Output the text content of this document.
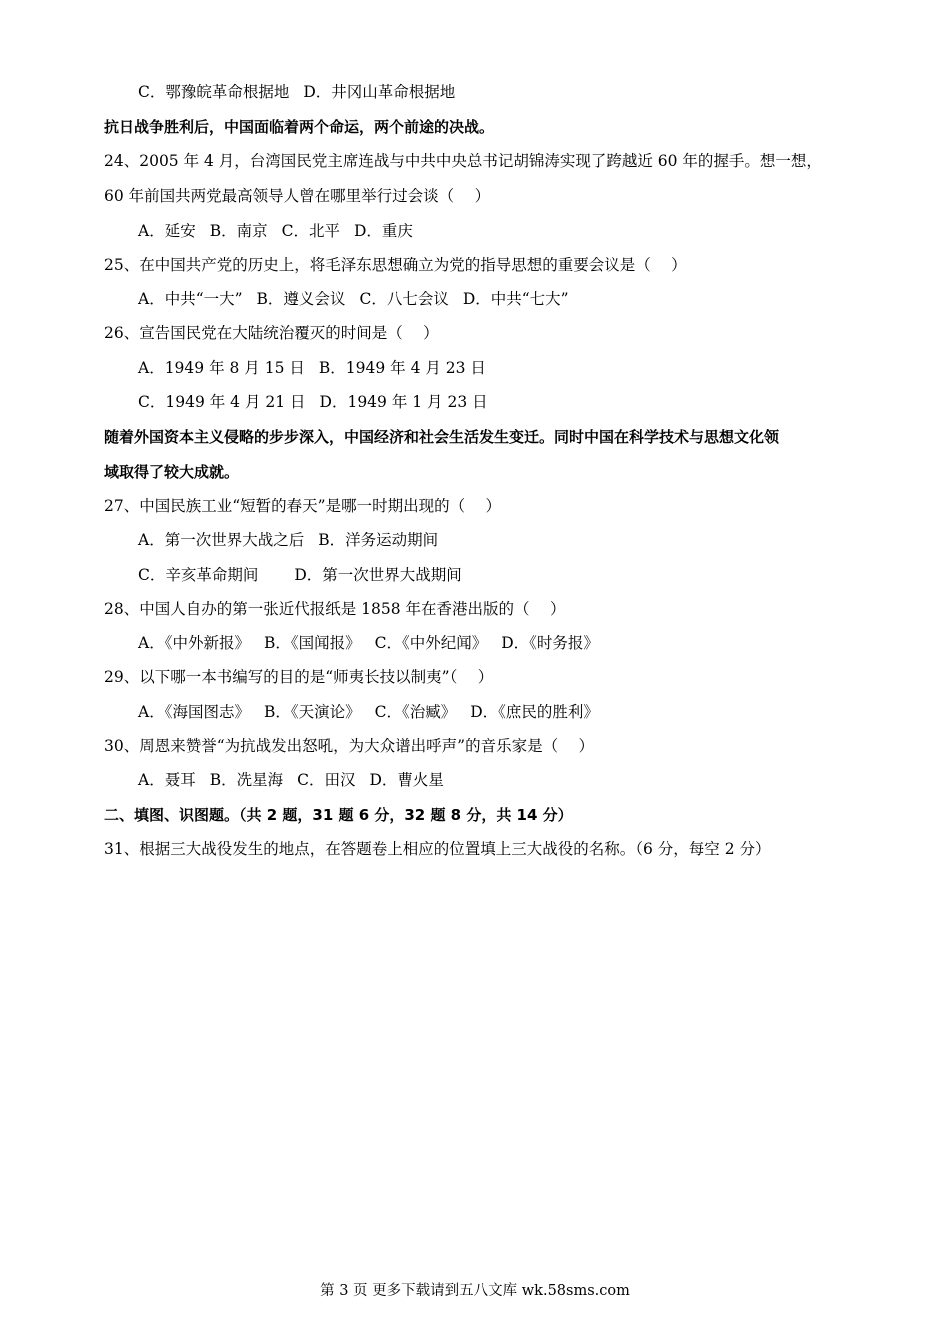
C．鄂豫皖革命根据地 D．井冈山革命根据地
抗日战争胜利后，中国面临着两个命运，两个前途的决战。
24、2005 年 4 月，台湾国民党主席连战与中共中央总书记胡锦涛实现了跨越近 60 年的握手。想一想，
60 年前国共两党最高领导人曾在哪里举行过会谈（　 ）
A．延安 B．南京 C．北平 D．重庆
25、在中国共产党的历史上，将毛泽东思想确立为党的指导思想的重要会议是（　 ）
A．中共“一大” B．遵义会议 C．八七会议 D．中共“七大”
26、宣告国民党在大陆统治覆灭的时间是（　 ）
A．1949 年 8 月 15 日 B．1949 年 4 月 23 日
C．1949 年 4 月 21 日 D．1949 年 1 月 23 日
随着外国资本主义侵略的步步深入，中国经济和社会生活发生变迁。同时中国在科学技术与思想文化领
域取得了较大成就。
27、中国民族工业“短暂的春天”是哪一时期出现的（　 ）
A．第一次世界大战之后 B．洋务运动期间
C．辛亥革命期间 D．第一次世界大战期间
28、中国人自办的第一张近代报纸是 1858 年在香港出版的（　 ）
A．《中外新报》 B．《国闻报》 C．《中外纪闻》 D．《时务报》
29、以下哪一本书编写的目的是“师夷长技以制夷”（　 ）
A．《海国图志》 B．《天演论》 C．《治臧》 D．《庶民的胜利》
30、周恩来赞誉“为抗战发出怒吼，为大众谱出呼声”的音乐家是（　 ）
A．聂耳 B．冼星海 C．田汉 D．曹火星
二、填图、识图题。（共 2 题，31 题 6 分，32 题 8 分，共 14 分）
31、根据三大战役发生的地点，在答题卷上相应的位置填上三大战役的名称。（6 分，每空 2 分）
第 3 页 更多下载请到五八文库 wk.58sms.com
